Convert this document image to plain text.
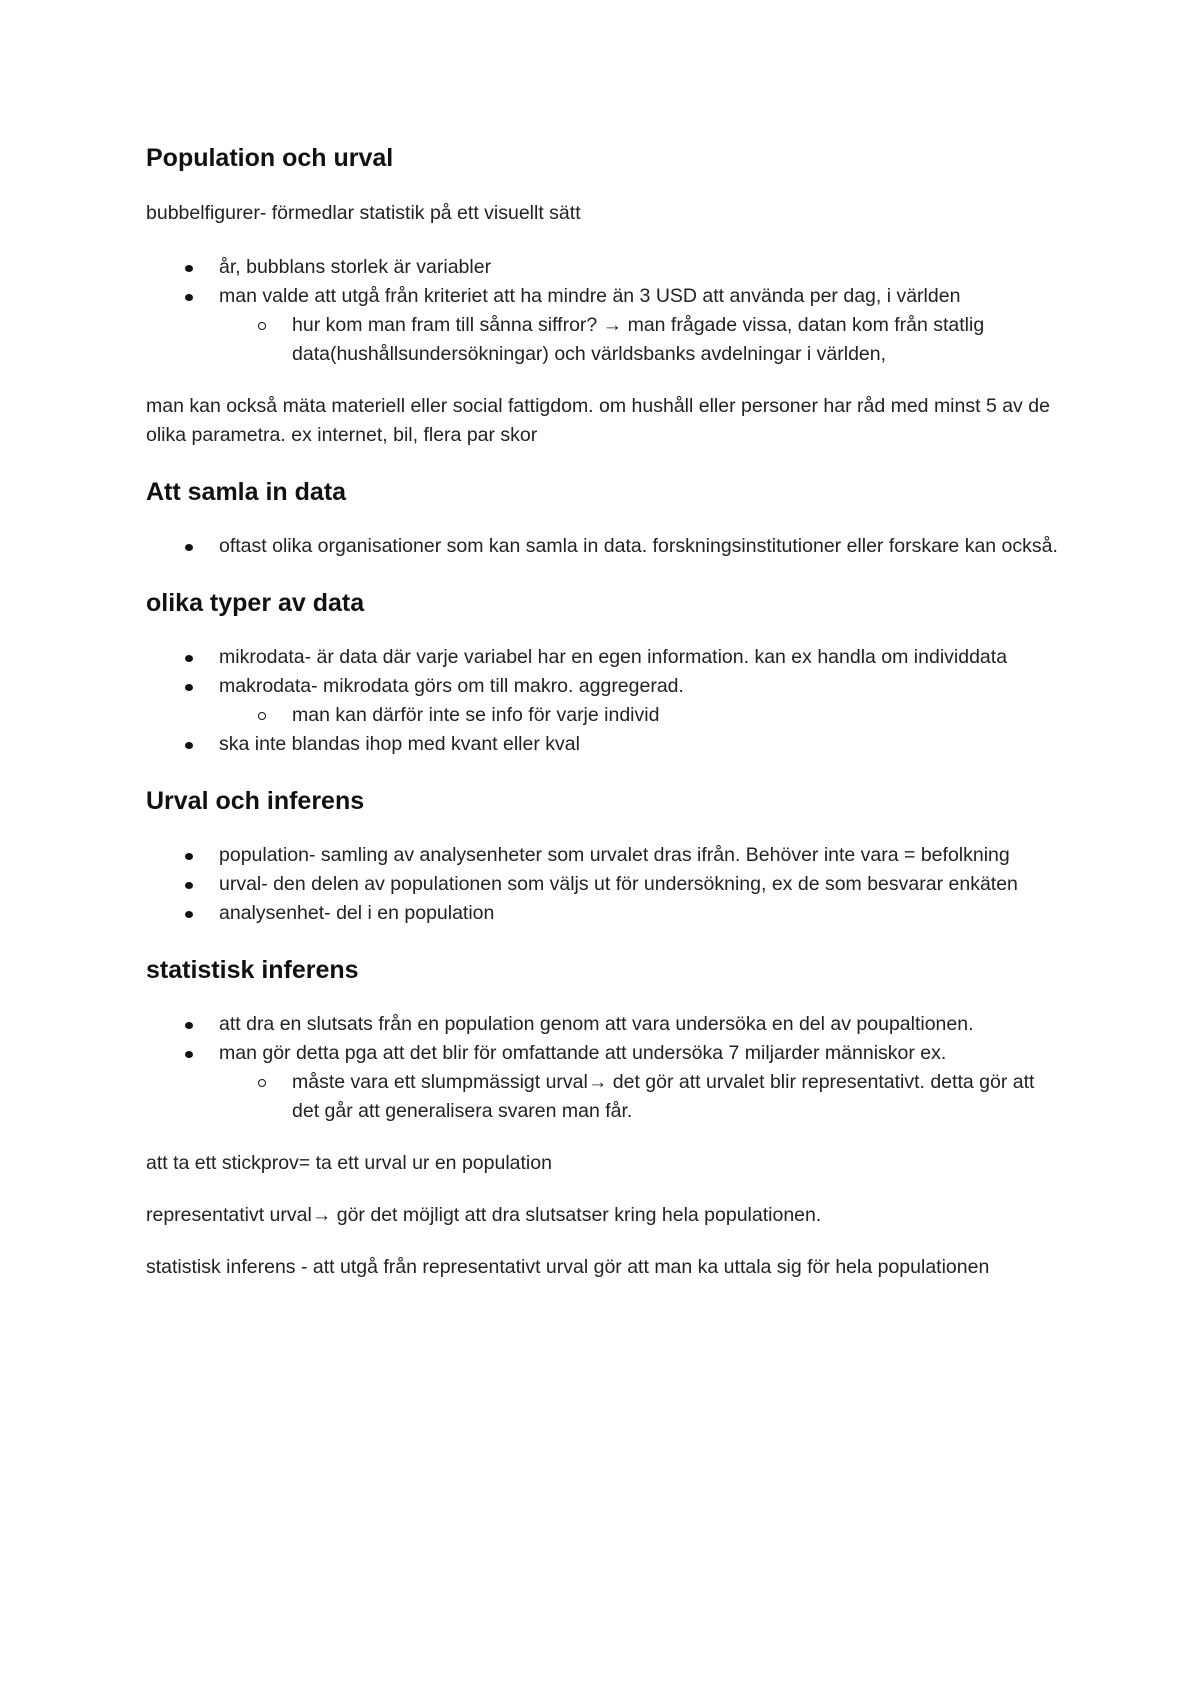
Population och urval

bubbelfigurer- förmedlar statistik på ett visuellt sätt

år, bubblans storlek är variabler
man valde att utgå från kriteriet att ha mindre än 3 USD att använda per dag, i världen
hur kom man fram till sånna siffror? → man frågade vissa, datan kom från statlig data(hushållsundersökningar) och världsbanks avdelningar i världen,

man kan också mäta materiell eller social fattigdom. om hushåll eller personer har råd med minst 5 av de olika parametra. ex internet, bil, flera par skor

Att samla in data
oftast olika organisationer som kan samla in data. forskningsinstitutioner eller forskare kan också.
olika typer av data
mikrodata- är data där varje variabel har en egen information. kan ex handla om individdata
makrodata- mikrodata görs om till makro. aggregerad.
man kan därför inte se info för varje individ
ska inte blandas ihop med kvant eller kval
Urval och inferens
population- samling av analysenheter som urvalet dras ifrån. Behöver inte vara = befolkning
urval- den delen av populationen som väljs ut för undersökning, ex de som besvarar enkäten
analysenhet- del i en population
statistisk inferens
att dra en slutsats från en population genom att vara undersöka en del av poupaltionen.
man gör detta pga att det blir för omfattande att undersöka 7 miljarder människor ex.
måste vara ett slumpmässigt urval→ det gör att urvalet blir representativt. detta gör att det går att generalisera svaren man får.

att ta ett stickprov= ta ett urval ur en population

representativt urval→ gör det möjligt att dra slutsatser kring hela populationen.

statistisk inferens - att utgå från representativt urval gör att man ka uttala sig för hela populationen
